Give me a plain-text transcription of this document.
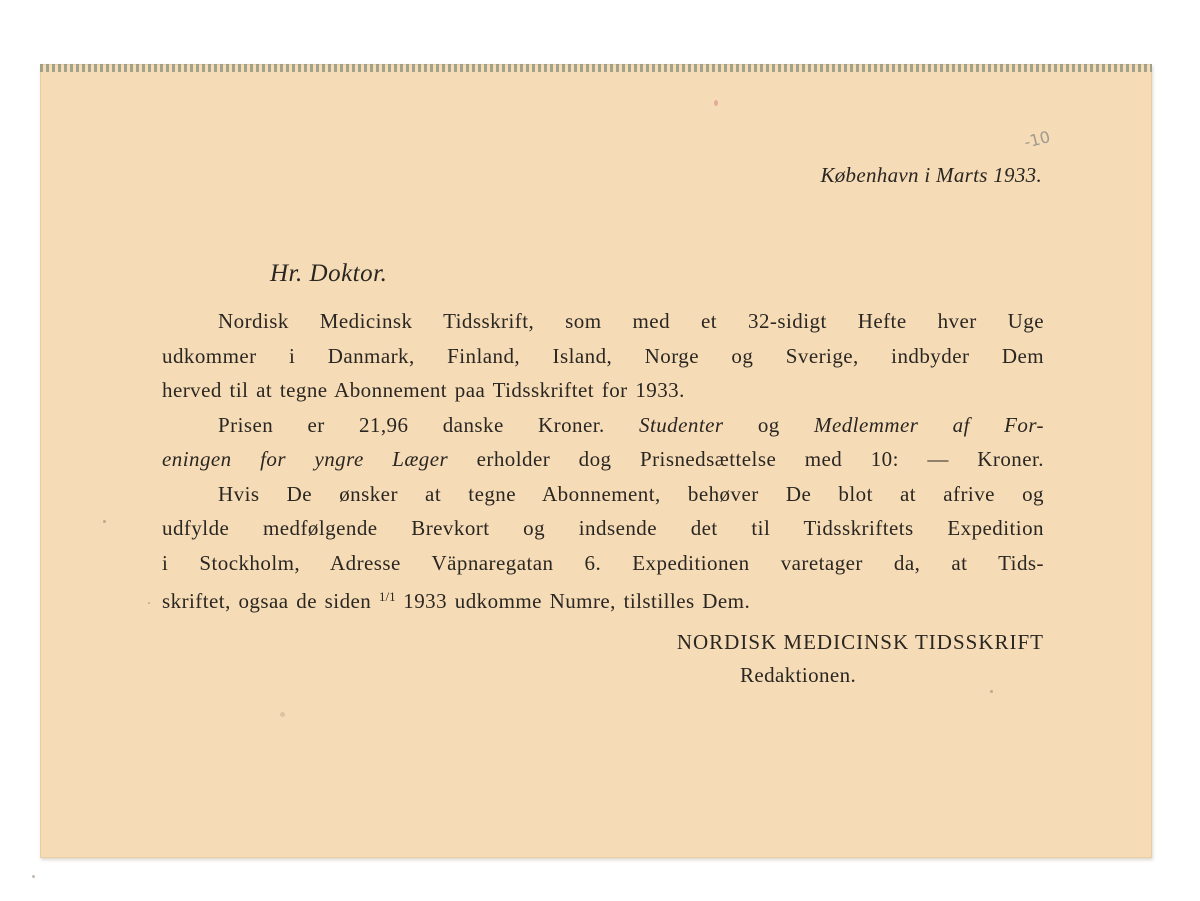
-10
København i Marts 1933.
Hr. Doktor.
Nordisk Medicinsk Tidsskrift, som med et 32-sidigt Hefte hver Uge
udkommer i Danmark, Finland, Island, Norge og Sverige, indbyder Dem
herved til at tegne Abonnement paa Tidsskriftet for 1933.
Prisen er 21,96 danske Kroner. Studenter og Medlemmer af For-
eningen for yngre Læger erholder dog Prisnedsættelse med 10: — Kroner.
Hvis De ønsker at tegne Abonnement, behøver De blot at afrive og
udfylde medfølgende Brevkort og indsende det til Tidsskriftets Expedition
i Stockholm, Adresse Väpnaregatan 6. Expeditionen varetager da, at Tids-
skriftet, ogsaa de siden $^{1/1}$ 1933 udkomme Numre, tilstilles Dem.
NORDISK MEDICINSK TIDSSKRIFT
Redaktionen.
